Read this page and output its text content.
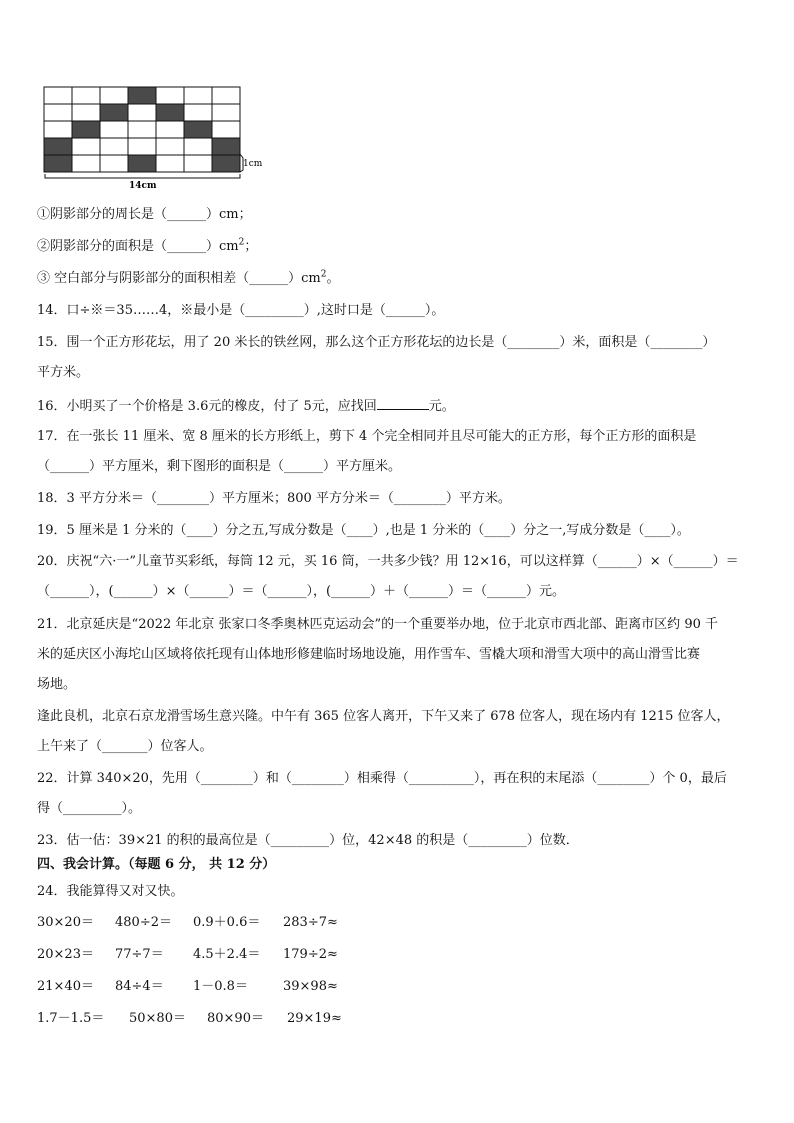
1cm
14cm
①阴影部分的周长是（______）cm；
②阴影部分的面积是$(\_\_\_\_\_\_)cm^2$；
③ 空白部分与阴影部分的面积相差$(\_\_\_\_\_\_)cm^2$。
14．口÷※＝35……4，※最小是（_________）,这时口是（______）。
15．围一个正方形花坛，用了 20 米长的铁丝网，那么这个正方形花坛的边长是（________）米，面积是（________）
平方米。
16．小明买了一个价格是 3.6元的橡皮，付了 5元，应找回	元。
17．在一张长 11 厘米、宽 8 厘米的长方形纸上，剪下 4 个完全相同并且尽可能大的正方形，每个正方形的面积是
（______）平方厘米，剩下图形的面积是（______）平方厘米。
18．3 平方分米＝（________）平方厘米；800 平方分米＝（________）平方米。
19．5 厘米是 1 分米的（____）分之五,写成分数是（____）,也是 1 分米的（____）分之一,写成分数是（____）。
20．庆祝“六·一”儿童节买彩纸，每筒 12 元，买 16 筒，一共多少钱？用 12×16，可以这样算（______）×（______）＝
（______），(______）×（______）＝（______），(______）＋（______）＝（______）元。
21．北京延庆是“2022 年北京 张家口冬季奥林匹克运动会”的一个重要举办地，位于北京市西北部、距离市区约 90 千
米的延庆区小海坨山区域将依托现有山体地形修建临时场地设施，用作雪车、雪橇大项和滑雪大项中的高山滑雪比赛
场地。
逢此良机，北京石京龙滑雪场生意兴隆。中午有 365 位客人离开，下午又来了 678 位客人，现在场内有 1215 位客人，
上午来了（_______）位客人。
22．计算 340×20，先用（________）和（________）相乘得（__________），再在积的末尾添（________）个 0，最后
得（_________）。
23．估一估：39×21 的积的最高位是（_________）位，42×48 的积是（_________）位数．
四、我会计算。（每题 6 分， 共 12 分）
24．我能算得又对又快。
30×20＝ 480÷2＝ 0.9＋0.6＝ 283÷7≈
20×23＝ 77÷7＝ 4.5＋2.4＝ 179÷2≈
21×40＝ 84÷4＝ 1－0.8＝	39×98≈
1.7－1.5＝ 50×80＝ 80×90＝ 29×19≈
